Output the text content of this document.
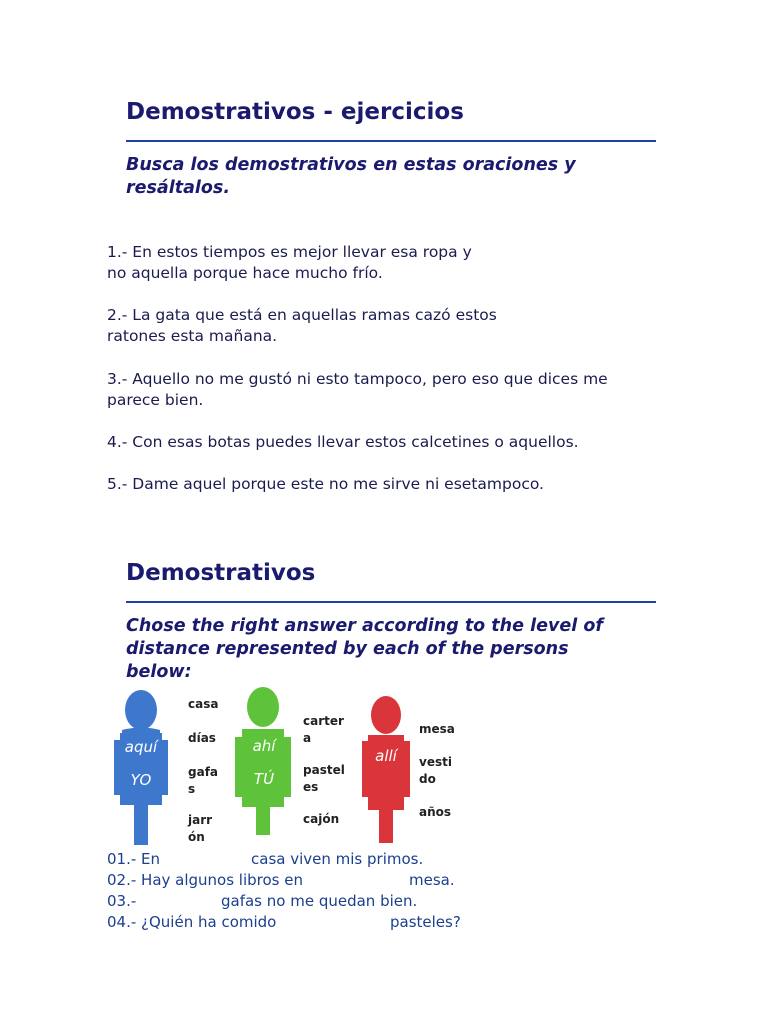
Demostrativos - ejercicios
Busca los demostrativos en estas oraciones y
resáltalos.
1.- En estos tiempos es mejor llevar esa ropa y
no aquella porque hace mucho frío.
2.- La gata que está en aquellas ramas cazó estos
ratones esta mañana.
3.- Aquello no me gustó ni esto tampoco, pero eso que dices me
parece bien.
4.- Con esas botas puedes llevar estos calcetines o aquellos.
5.- Dame aquel porque este no me sirve ni esetampoco.
Demostrativos
Chose the right answer according to the level of
distance represented by each of the persons
below:
aquí
YO
ahí
TÚ
allí
casa
días
gafa
s
jarr
ón
carter
a
pastel
es
cajón
mesa
vesti
do
años
01.- En	casa viven mis primos.
02.- Hay algunos libros en	mesa.
03.-	gafas no me quedan bien.
04.- ¿Quién ha comido	pasteles?
